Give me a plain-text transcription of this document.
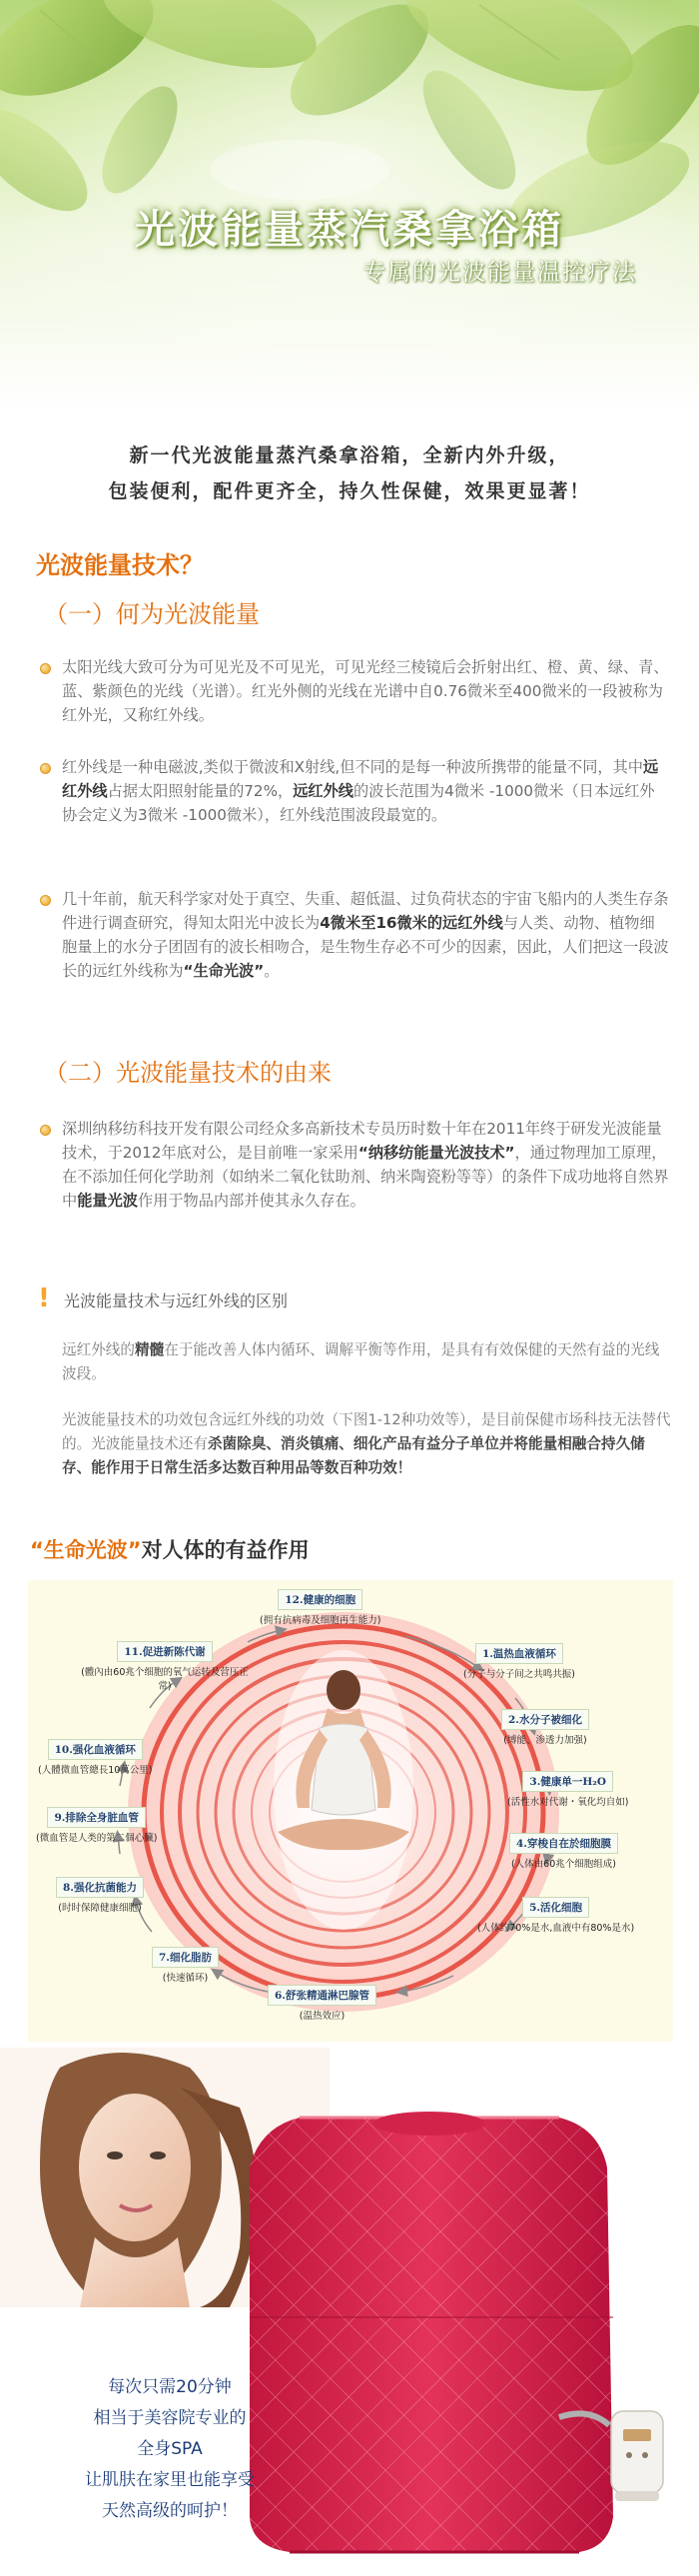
光波能量蒸汽桑拿浴箱
专属的光波能量温控疗法
新一代光波能量蒸汽桑拿浴箱，全新内外升级，
包装便利，配件更齐全，持久性保健，效果更显著！
光波能量技术？
（一）何为光波能量
太阳光线大致可分为可见光及不可见光，可见光经三棱镜后会折射出红、橙、黄、绿、青、蓝、紫颜色的光线（光谱）。红光外侧的光线在光谱中自0.76微米至400微米的一段被称为红外光，又称红外线。
红外线是一种电磁波,类似于微波和X射线,但不同的是每一种波所携带的能量不同，其中远红外线占据太阳照射能量的72%，远红外线的波长范围为4微米 -1000微米（日本远红外协会定义为3微米 -1000微米），红外线范围波段最宽的。
几十年前，航天科学家对处于真空、失重、超低温、过负荷状态的宇宙飞船内的人类生存条件进行调查研究，得知太阳光中波长为4微米至16微米的远红外线与人类、动物、植物细胞量上的水分子团固有的波长相吻合，是生物生存必不可少的因素，因此，人们把这一段波长的远红外线称为“生命光波”。
（二）光波能量技术的由来
深圳纳移纺科技开发有限公司经众多高新技术专员历时数十年在2011年终于研发光波能量技术，于2012年底对公，是目前唯一家采用“纳移纺能量光波技术”，通过物理加工原理，在不添加任何化学助剂（如纳米二氧化钛助剂、纳米陶瓷粉等等）的条件下成功地将自然界中能量光波作用于物品内部并使其永久存在。
! 光波能量技术与远红外线的区别
远红外线的精髓在于能改善人体内循环、调解平衡等作用，是具有有效保健的天然有益的光线波段。
光波能量技术的功效包含远红外线的功效（下图1-12种功效等），是目前保健市场科技无法替代的。光波能量技术还有杀菌除臭、消炎镇痛、细化产品有益分子单位并将能量相融合持久储存、能作用于日常生活多达数百种用品等数百种功效！
“生命光波”对人体的有益作用
12.健康的细胞
(拥有抗病毒及细胞再生能力)
1.温热血液循环
(分子与分子间之共鸣共振)
2.水分子被细化
(缚能、渗透力加强)
3.健康单一H₂O
(活性水对代谢・氧化均自如)
4.穿梭自在於细胞膜
(人体由60兆个细胞组成)
5.活化细胞
(人体约70%是水,血液中有80%是水)
6.舒张精通淋巴腺管
(温热效应)
7.细化脂肪
(快速循环)
8.强化抗菌能力
(时时保障健康细胞)
9.排除全身脏血管
(微血管是人类的第二個心臟)
10.强化血液循环
(人體微血管總長10萬公里)
11.促进新陈代谢
(體內由60兆个细胞的氧气运转及营压正常)
每次只需20分钟
相当于美容院专业的
全身SPA
让肌肤在家里也能享受
天然高级的呵护！
